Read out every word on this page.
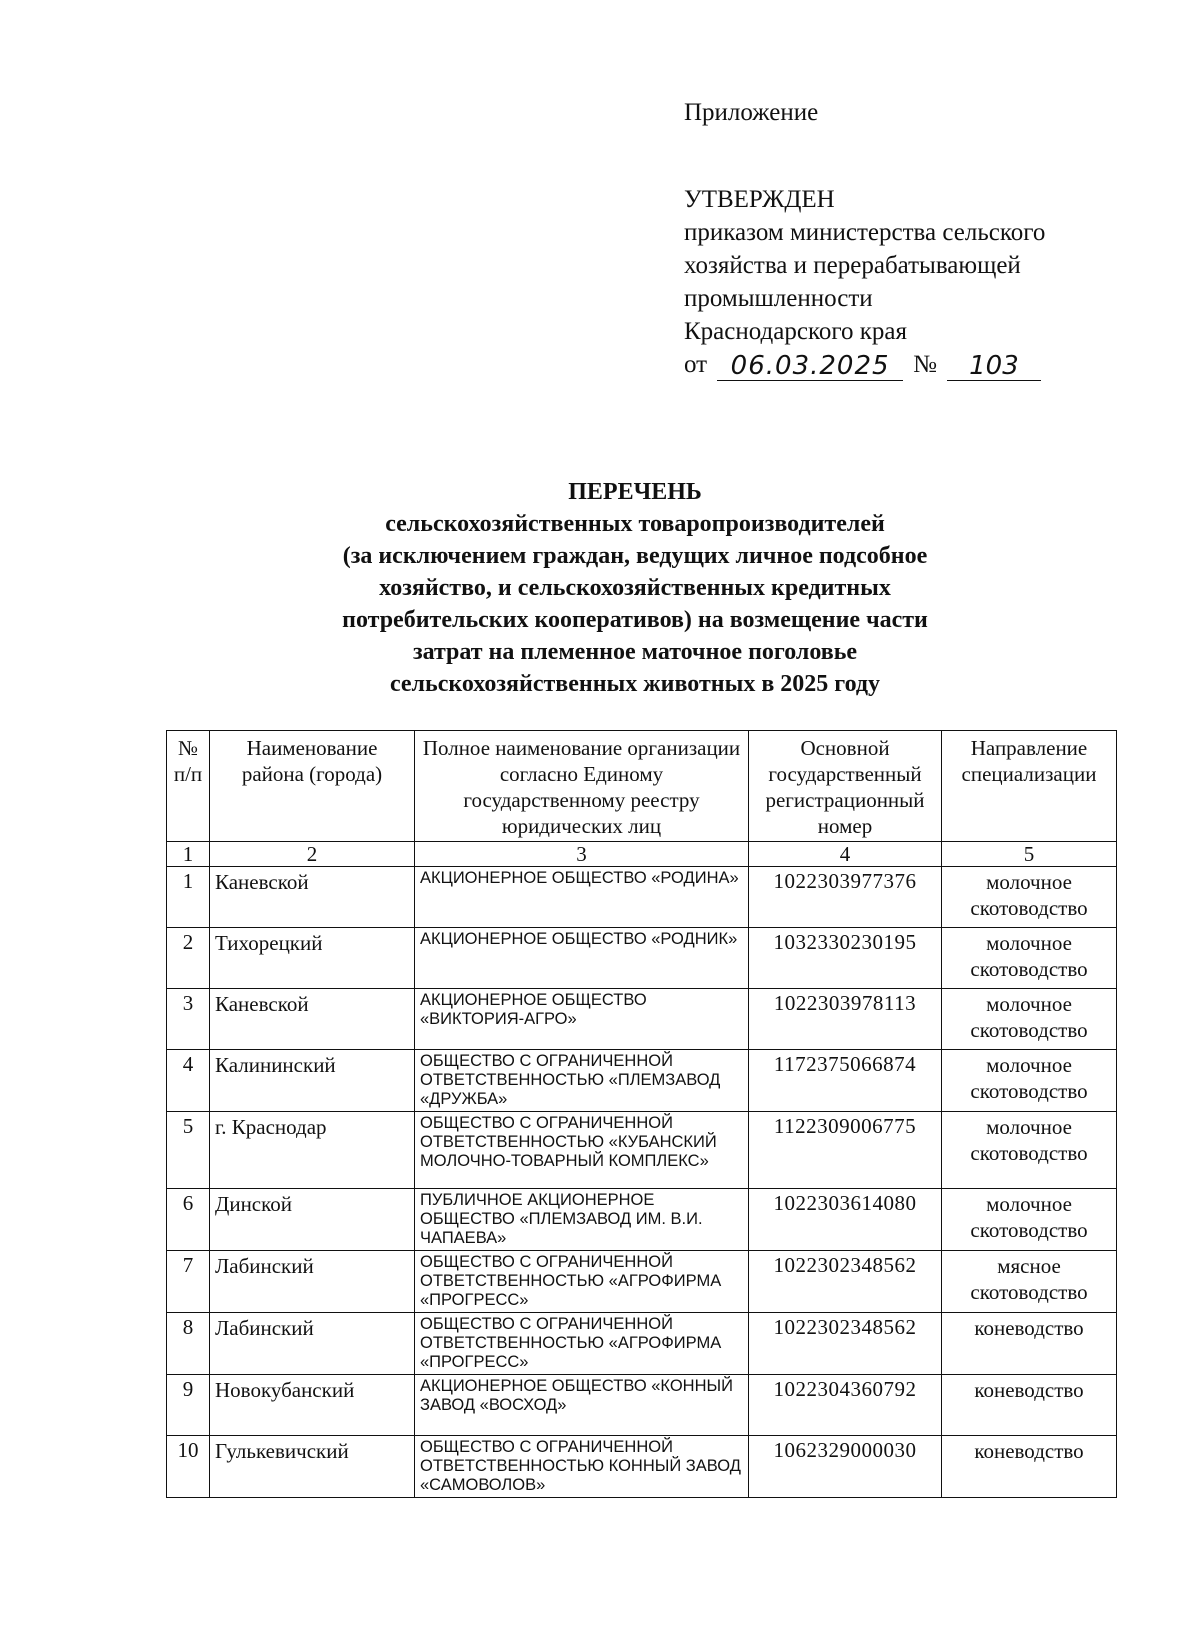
Приложение
УТВЕРЖДЕН
приказом министерства сельского
хозяйства и перерабатывающей
промышленности
Краснодарского края
от 06.03.2025 №	103
ПЕРЕЧЕНЬ
сельскохозяйственных товаропроизводителей
(за исключением граждан, ведущих личное подсобное
хозяйство, и сельскохозяйственных кредитных
потребительских кооперативов) на возмещение части
затрат на племенное маточное поголовье
сельскохозяйственных животных в 2025 году
№ п/п	Наименование района (города)	Полное наименование организации согласно Единому государственному реестру юридических лиц	Основной государственный регистрационный номер	Направление специализации
1	2	3	4	5
1	Каневской	АКЦИОНЕРНОЕ ОБЩЕСТВО «РОДИНА»	1022303977376	молочное скотоводство
2	Тихорецкий	АКЦИОНЕРНОЕ ОБЩЕСТВО «РОДНИК»	1032330230195	молочное скотоводство
3	Каневской	АКЦИОНЕРНОЕ ОБЩЕСТВО «ВИКТОРИЯ-АГРО»	1022303978113	молочное скотоводство
4	Калининский	ОБЩЕСТВО С ОГРАНИЧЕННОЙ ОТВЕТСТВЕННОСТЬЮ «ПЛЕМЗАВОД «ДРУЖБА»	1172375066874	молочное скотоводство
5	г. Краснодар	ОБЩЕСТВО С ОГРАНИЧЕННОЙ ОТВЕТСТВЕННОСТЬЮ «КУБАНСКИЙ МОЛОЧНО-ТОВАРНЫЙ КОМПЛЕКС»	1122309006775	молочное скотоводство
6	Динской	ПУБЛИЧНОЕ АКЦИОНЕРНОЕ ОБЩЕСТВО «ПЛЕМЗАВОД ИМ. В.И. ЧАПАЕВА»	1022303614080	молочное скотоводство
7	Лабинский	ОБЩЕСТВО С ОГРАНИЧЕННОЙ ОТВЕТСТВЕННОСТЬЮ «АГРОФИРМА «ПРОГРЕСС»	1022302348562	мясное скотоводство
8	Лабинский	ОБЩЕСТВО С ОГРАНИЧЕННОЙ ОТВЕТСТВЕННОСТЬЮ «АГРОФИРМА «ПРОГРЕСС»	1022302348562	коневодство
9	Новокубанский	АКЦИОНЕРНОЕ ОБЩЕСТВО «КОННЫЙ ЗАВОД «ВОСХОД»	1022304360792	коневодство
10	Гулькевичский	ОБЩЕСТВО С ОГРАНИЧЕННОЙ ОТВЕТСТВЕННОСТЬЮ КОННЫЙ ЗАВОД «САМОВОЛОВ»	1062329000030	коневодство
